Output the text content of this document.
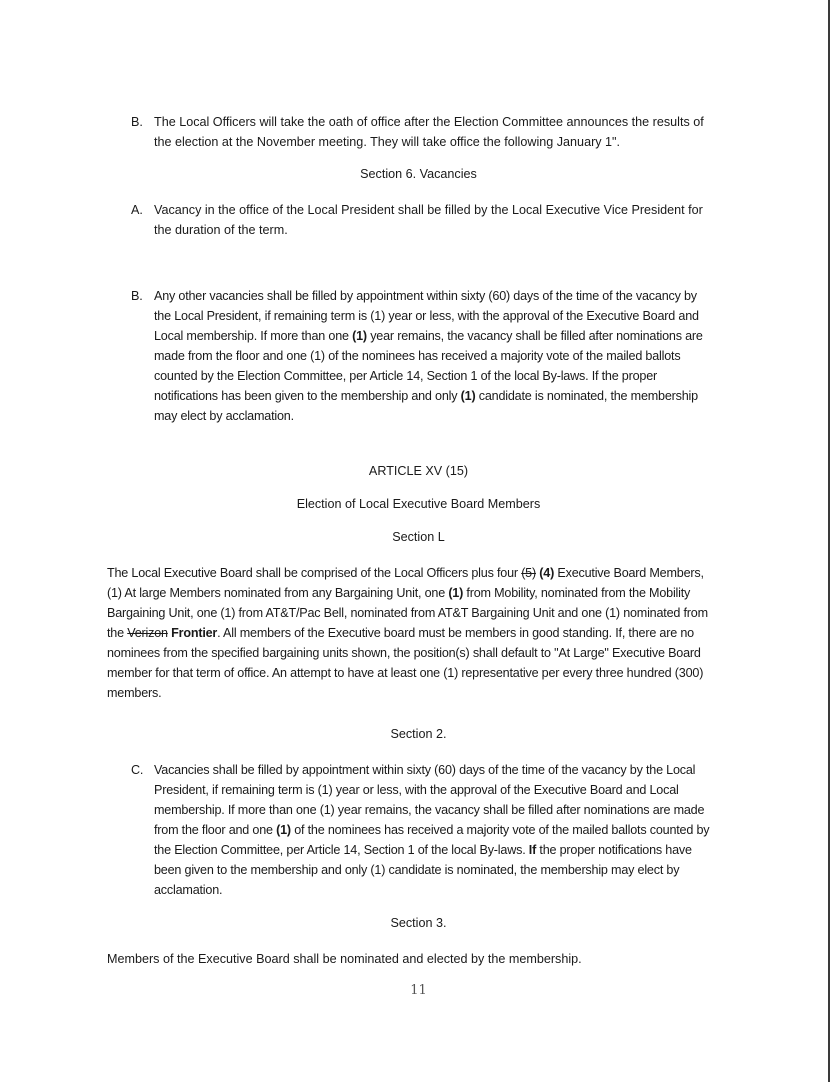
B. The Local Officers will take the oath of office after the Election Committee announces the results of the election at the November meeting. They will take office the following January 1".

Section 6. Vacancies

A. Vacancy in the office of the Local President shall be filled by the Local Executive Vice President for the duration of the term.
B. Any other vacancies shall be filled by appointment within sixty (60) days of the time of the vacancy by the Local President, if remaining term is (1) year or less, with the approval of the Executive Board and Local membership. If more than one (1) year remains, the vacancy shall be filled after nominations are made from the floor and one (1) of the nominees has received a majority vote of the mailed ballots counted by the Election Committee, per Article 14, Section 1 of the local By-laws. If the proper notifications has been given to the membership and only (1) candidate is nominated, the membership may elect by acclamation.

ARTICLE XV (15)

Election of Local Executive Board Members

Section L

The Local Executive Board shall be comprised of the Local Officers plus four (5) (4) Executive Board Members, (1) At large Members nominated from any Bargaining Unit, one (1) from Mobility, nominated from the Mobility Bargaining Unit, one (1) from AT&T/Pac Bell, nominated from AT&T Bargaining Unit and one (1) nominated from the Verizon Frontier. All members of the Executive board must be members in good standing. If, there are no nominees from the specified bargaining units shown, the position(s) shall default to "At Large" Executive Board member for that term of office. An attempt to have at least one (1) representative per every three hundred (300) members.

Section 2.

C. Vacancies shall be filled by appointment within sixty (60) days of the time of the vacancy by the Local President, if remaining term is (1) year or less, with the approval of the Executive Board and Local membership. If more than one (1) year remains, the vacancy shall be filled after nominations are made from the floor and one (1) of the nominees has received a majority vote of the mailed ballots counted by the Election Committee, per Article 14, Section 1 of the local By-laws. If the proper notifications have been given to the membership and only (1) candidate is nominated, the membership may elect by acclamation.

Section 3.

Members of the Executive Board shall be nominated and elected by the membership.
11
